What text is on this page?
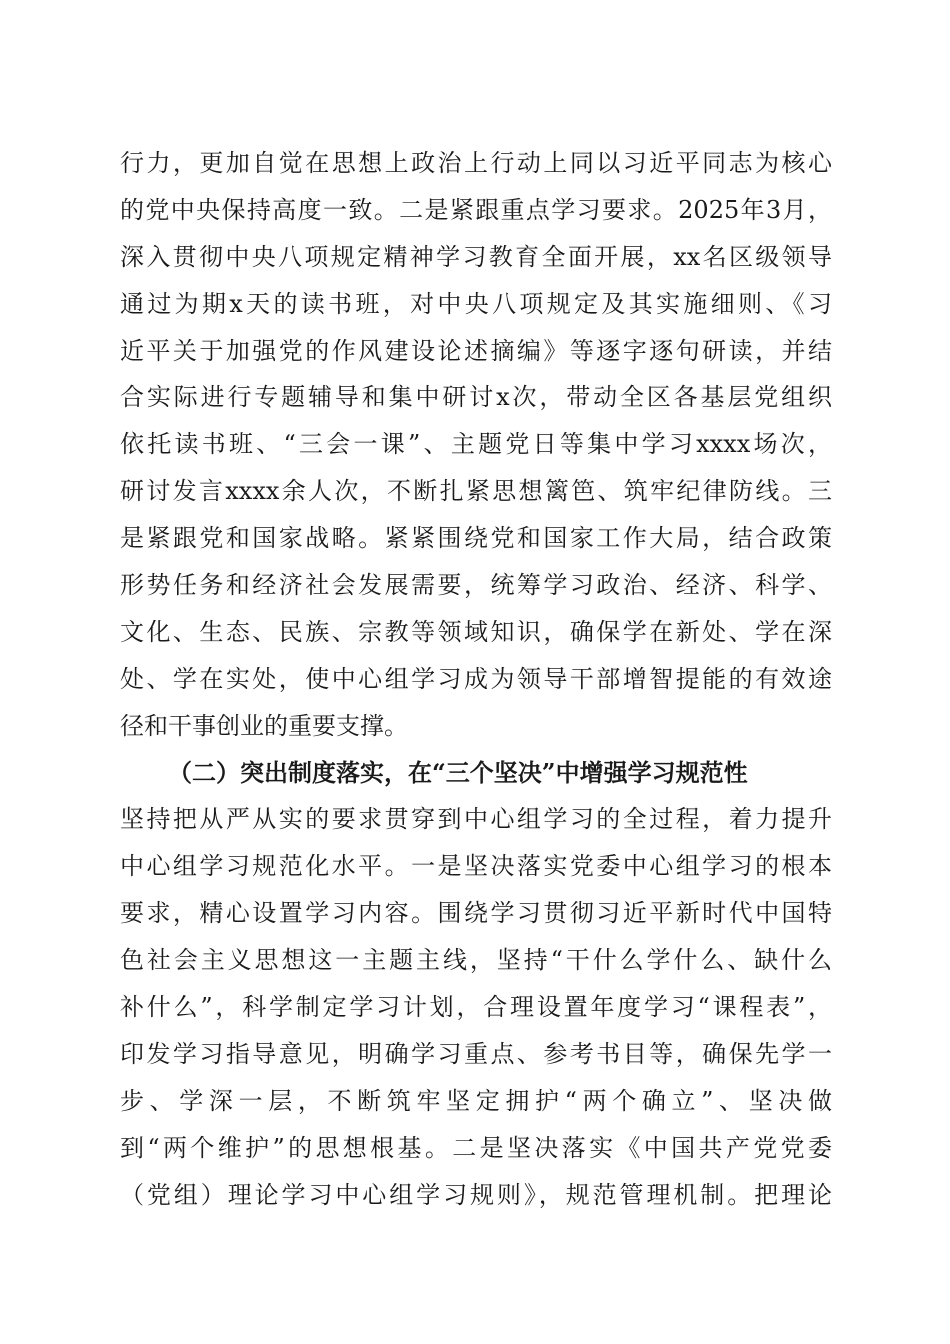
行力，更加自觉在思想上政治上行动上同以习近平同志为核心
的党中央保持高度一致。二是紧跟重点学习要求。2025年3月，
深入贯彻中央八项规定精神学习教育全面开展，xx名区级领导
通过为期x天的读书班，对中央八项规定及其实施细则、《习
近平关于加强党的作风建设论述摘编》等逐字逐句研读，并结
合实际进行专题辅导和集中研讨x次，带动全区各基层党组织
依托读书班、“三会一课”、主题党日等集中学习xxxx场次，
研讨发言xxxx余人次，不断扎紧思想篱笆、筑牢纪律防线。三
是紧跟党和国家战略。紧紧围绕党和国家工作大局，结合政策
形势任务和经济社会发展需要，统筹学习政治、经济、科学、
文化、生态、民族、宗教等领域知识，确保学在新处、学在深
处、学在实处，使中心组学习成为领导干部增智提能的有效途
径和干事创业的重要支撑。
（二）突出制度落实，在“三个坚决”中增强学习规范性
坚持把从严从实的要求贯穿到中心组学习的全过程，着力提升
中心组学习规范化水平。一是坚决落实党委中心组学习的根本
要求，精心设置学习内容。围绕学习贯彻习近平新时代中国特
色社会主义思想这一主题主线，坚持“干什么学什么、缺什么
补什么”，科学制定学习计划，合理设置年度学习“课程表”，
印发学习指导意见，明确学习重点、参考书目等，确保先学一
步、学深一层，不断筑牢坚定拥护“两个确立”、坚决做
到“两个维护”的思想根基。二是坚决落实《中国共产党党委
（党组）理论学习中心组学习规则》，规范管理机制。把理论
